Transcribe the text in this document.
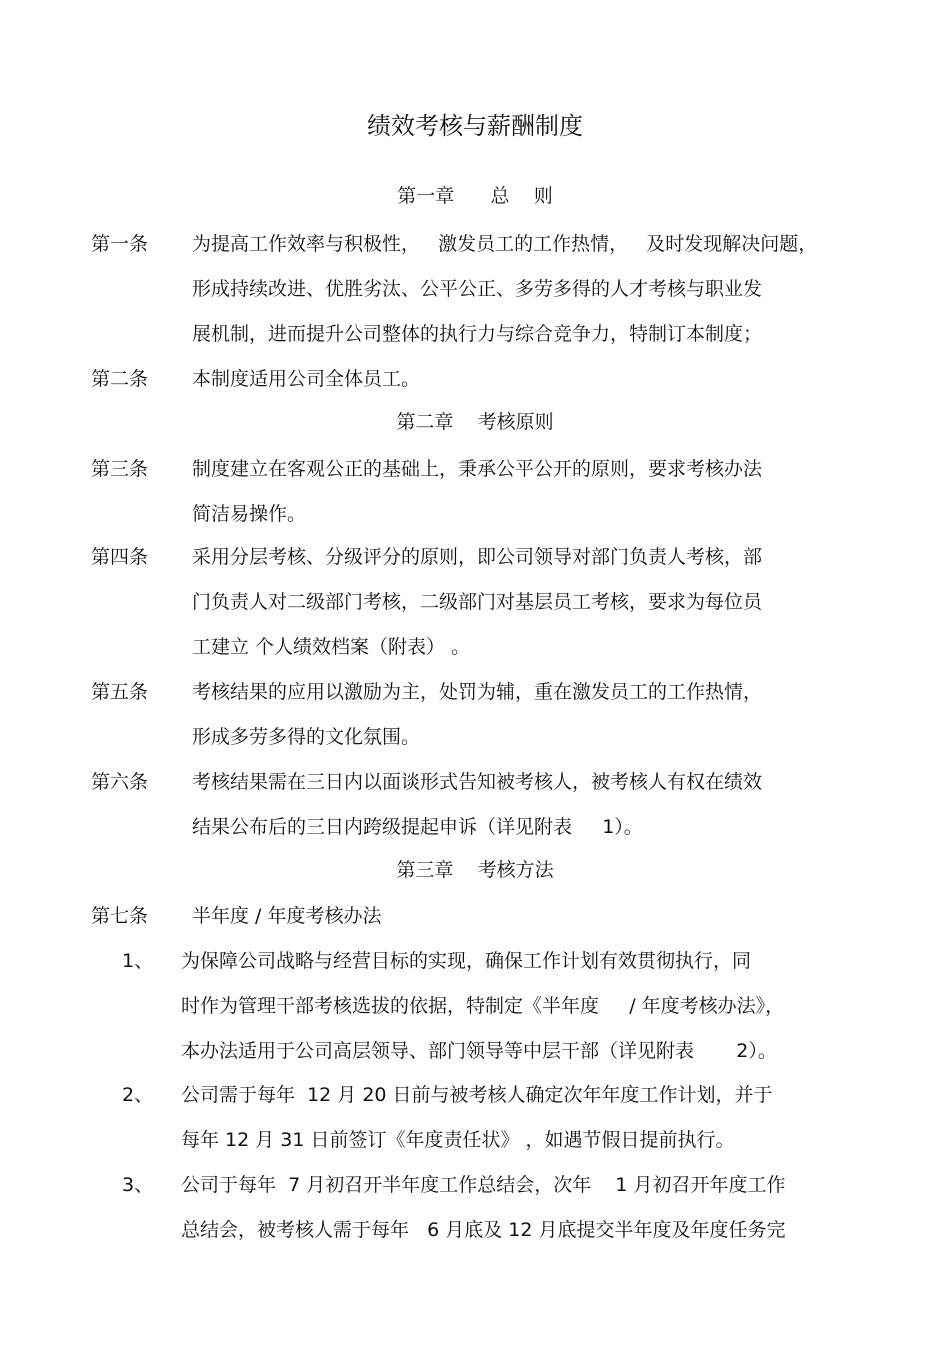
绩效考核与薪酬制度
第一章      总    则
第一条 为提高工作效率与积极性，   激发员工的工作热情，   及时发现解决问题，
形成持续改进、优胜劣汰、公平公正、多劳多得的人才考核与职业发
展机制，进而提升公司整体的执行力与综合竞争力，特制订本制度；
第二条 本制度适用公司全体员工。
第二章    考核原则
第三条 制度建立在客观公正的基础上，秉承公平公开的原则，要求考核办法
简洁易操作。
第四条 采用分层考核、分级评分的原则，即公司领导对部门负责人考核，部
门负责人对二级部门考核，二级部门对基层员工考核，要求为每位员
工建立 个人绩效档案（附表） 。
第五条 考核结果的应用以激励为主，处罚为辅，重在激发员工的工作热情，
形成多劳多得的文化氛围。
第六条 考核结果需在三日内以面谈形式告知被考核人，被考核人有权在绩效
结果公布后的三日内跨级提起申诉（详见附表     1）。
第三章    考核方法
第七条 半年度 / 年度考核办法
1、 为保障公司战略与经营目标的实现，确保工作计划有效贯彻执行，同
时作为管理干部考核选拔的依据，特制定《半年度     / 年度考核办法》，
本办法适用于公司高层领导、部门领导等中层干部（详见附表       2）。
2、 公司需于每年  12 月 20 日前与被考核人确定次年年度工作计划，并于
每年 12 月 31 日前签订《年度责任状》 ，如遇节假日提前执行。
3、 公司于每年  7 月初召开半年度工作总结会，次年    1 月初召开年度工作
总结会，被考核人需于每年   6 月底及 12 月底提交半年度及年度任务完
